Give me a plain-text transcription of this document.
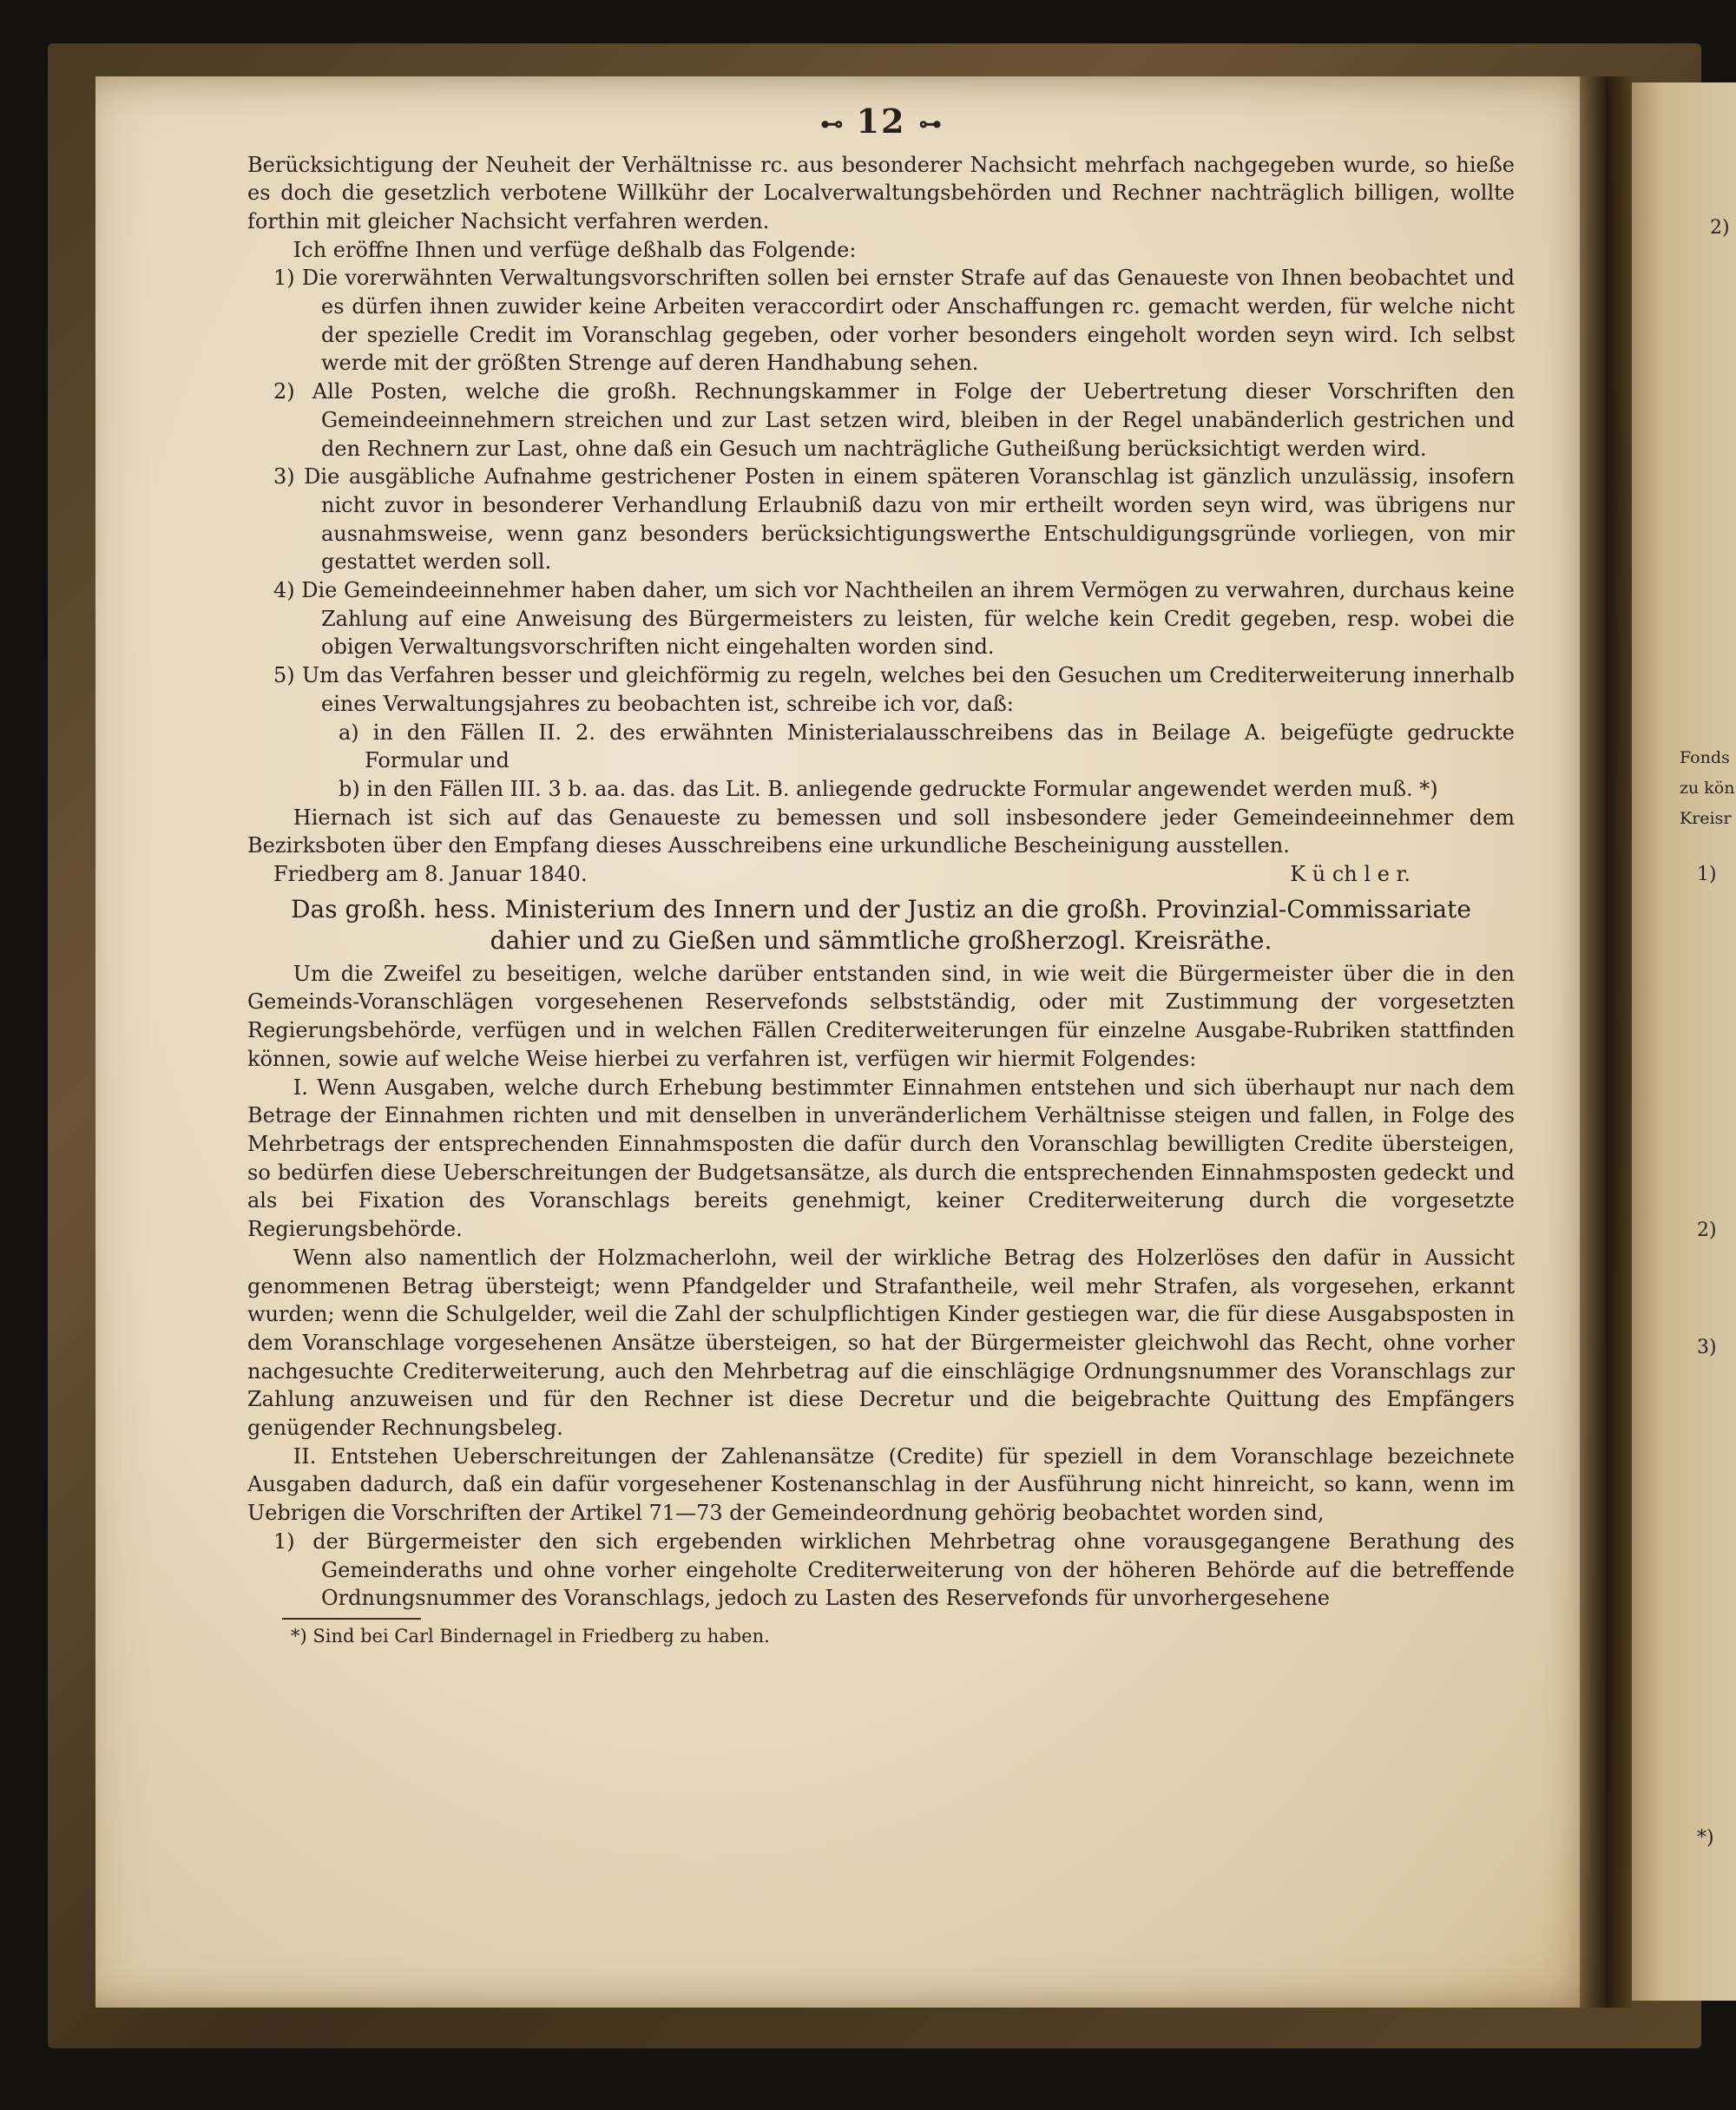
⊷ 12 ⊶

Berücksichtigung der Neuheit der Verhältnisse rc. aus besonderer Nachsicht mehrfach nachgegeben wurde, so hieße es doch die gesetzlich verbotene Willkühr der Localverwaltungsbehörden und Rechner nachträglich billigen, wollte forthin mit gleicher Nachsicht verfahren werden.

Ich eröffne Ihnen und verfüge deßhalb das Folgende:

1) Die vorerwähnten Verwaltungsvorschriften sollen bei ernster Strafe auf das Genaueste von Ihnen beobachtet und es dürfen ihnen zuwider keine Arbeiten veraccordirt oder Anschaffungen rc. gemacht werden, für welche nicht der spezielle Credit im Voranschlag gegeben, oder vorher besonders eingeholt worden seyn wird. Ich selbst werde mit der größten Strenge auf deren Handhabung sehen.

2) Alle Posten, welche die großh. Rechnungskammer in Folge der Uebertretung dieser Vorschriften den Gemeindeeinnehmern streichen und zur Last setzen wird, bleiben in der Regel unabänderlich gestrichen und den Rechnern zur Last, ohne daß ein Gesuch um nachträgliche Gutheißung berücksichtigt werden wird.

3) Die ausgäbliche Aufnahme gestrichener Posten in einem späteren Voranschlag ist gänzlich unzulässig, insofern nicht zuvor in besonderer Verhandlung Erlaubniß dazu von mir ertheilt worden seyn wird, was übrigens nur ausnahmsweise, wenn ganz besonders berücksichtigungswerthe Entschuldigungsgründe vorliegen, von mir gestattet werden soll.

4) Die Gemeindeeinnehmer haben daher, um sich vor Nachtheilen an ihrem Vermögen zu verwahren, durchaus keine Zahlung auf eine Anweisung des Bürgermeisters zu leisten, für welche kein Credit gegeben, resp. wobei die obigen Verwaltungsvorschriften nicht eingehalten worden sind.

5) Um das Verfahren besser und gleichförmig zu regeln, welches bei den Gesuchen um Crediterweiterung innerhalb eines Verwaltungsjahres zu beobachten ist, schreibe ich vor, daß:

a) in den Fällen II. 2. des erwähnten Ministerialausschreibens das in Beilage A. beigefügte gedruckte Formular und

b) in den Fällen III. 3 b. aa. das. das Lit. B. anliegende gedruckte Formular angewendet werden muß. *)

Hiernach ist sich auf das Genaueste zu bemessen und soll insbesondere jeder Gemeindeeinnehmer dem Bezirksboten über den Empfang dieses Ausschreibens eine urkundliche Bescheinigung ausstellen.

Friedberg am 8. Januar 1840.	K ü ch l e r.
Das großh. hess. Ministerium des Innern und der Justiz an die großh. Provinzial-Commissariate
dahier und zu Gießen und sämmtliche großherzogl. Kreisräthe.

Um die Zweifel zu beseitigen, welche darüber entstanden sind, in wie weit die Bürgermeister über die in den Gemeinds-Voranschlägen vorgesehenen Reservefonds selbstständig, oder mit Zustimmung der vorgesetzten Regierungsbehörde, verfügen und in welchen Fällen Crediterweiterungen für einzelne Ausgabe-Rubriken stattfinden können, sowie auf welche Weise hierbei zu verfahren ist, verfügen wir hiermit Folgendes:

I. Wenn Ausgaben, welche durch Erhebung bestimmter Einnahmen entstehen und sich überhaupt nur nach dem Betrage der Einnahmen richten und mit denselben in unveränderlichem Verhältnisse steigen und fallen, in Folge des Mehrbetrags der entsprechenden Einnahmsposten die dafür durch den Voranschlag bewilligten Credite übersteigen, so bedürfen diese Ueberschreitungen der Budgetsansätze, als durch die entsprechenden Einnahmsposten gedeckt und als bei Fixation des Voranschlags bereits genehmigt, keiner Crediterweiterung durch die vorgesetzte Regierungsbehörde.

Wenn also namentlich der Holzmacherlohn, weil der wirkliche Betrag des Holzerlöses den dafür in Aussicht genommenen Betrag übersteigt; wenn Pfandgelder und Strafantheile, weil mehr Strafen, als vorgesehen, erkannt wurden; wenn die Schulgelder, weil die Zahl der schulpflichtigen Kinder gestiegen war, die für diese Ausgabsposten in dem Voranschlage vorgesehenen Ansätze übersteigen, so hat der Bürgermeister gleichwohl das Recht, ohne vorher nachgesuchte Crediterweiterung, auch den Mehrbetrag auf die einschlägige Ordnungsnummer des Voranschlags zur Zahlung anzuweisen und für den Rechner ist diese Decretur und die beigebrachte Quittung des Empfängers genügender Rechnungsbeleg.

II. Entstehen Ueberschreitungen der Zahlenansätze (Credite) für speziell in dem Voranschlage bezeichnete Ausgaben dadurch, daß ein dafür vorgesehener Kostenanschlag in der Ausführung nicht hinreicht, so kann, wenn im Uebrigen die Vorschriften der Artikel 71—73 der Gemeindeordnung gehörig beobachtet worden sind,

1) der Bürgermeister den sich ergebenden wirklichen Mehrbetrag ohne vorausgegangene Berathung des Gemeinderaths und ohne vorher eingeholte Crediterweiterung von der höheren Behörde auf die betreffende Ordnungsnummer des Voranschlags, jedoch zu Lasten des Reservefonds für unvorhergesehene

*) Sind bei Carl Bindernagel in Friedberg zu haben.

2)
Fonds
zu kön
Kreisr
1)
2)
3)
*)
